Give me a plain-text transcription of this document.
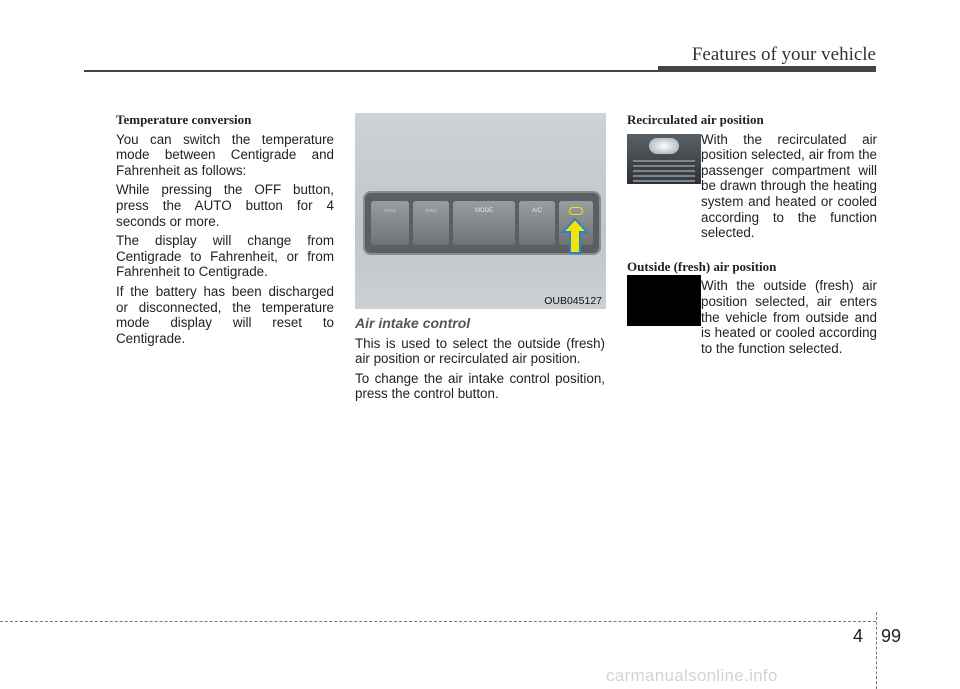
Features of your vehicle

Temperature conversion

You can switch the temperature mode between Centigrade and Fahrenheit as follows:

While pressing the OFF button, press the AUTO button for 4 seconds or more.

The display will change from Centigrade to Fahrenheit, or from Fahrenheit to Centigrade.

If the battery has been discharged or disconnected, the temperature mode display will reset to Centigrade.

▭▭	▭▭	MODE	A/C
OUB045127

Air intake control

This is used to select the outside (fresh) air position or recirculated air position.

To change the air intake control position, press the control button.

Recirculated air position

With the recirculated air position selected, air from the passenger compartment will be drawn through the heating system and heated or cooled according to the function selected.

Outside (fresh) air position

With the outside (fresh) air position selected, air enters the vehicle from outside and is heated or cooled according to the function selected.

4 99
carmanualsonline.info
